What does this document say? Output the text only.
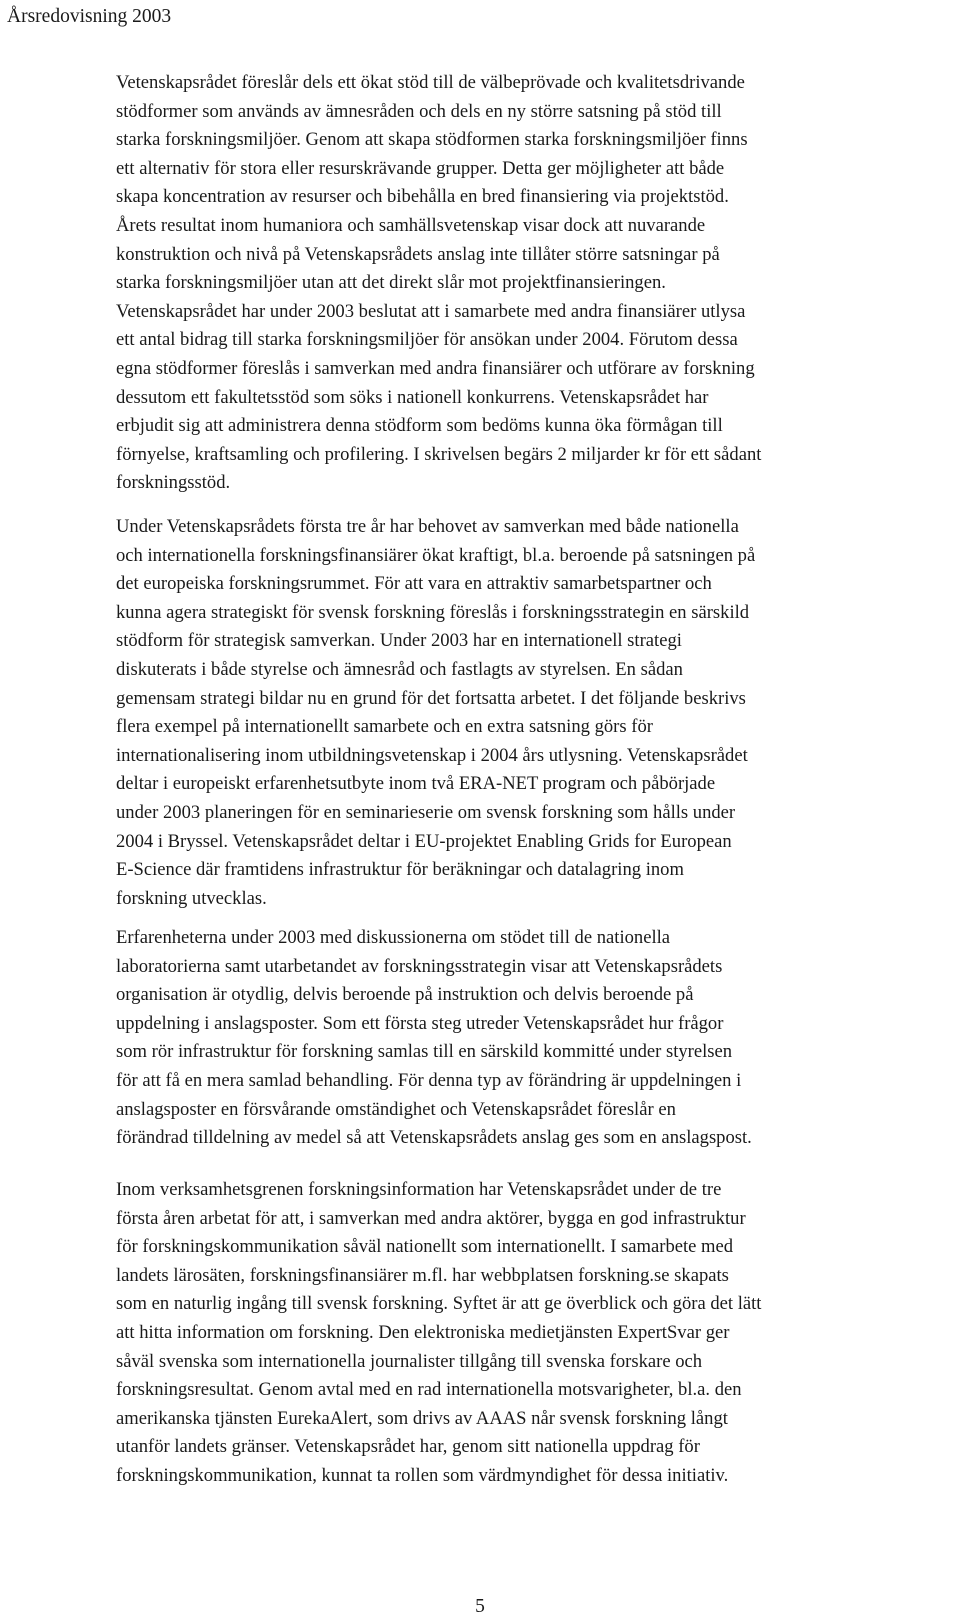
Årsredovisning 2003
Vetenskapsrådet föreslår dels ett ökat stöd till de välbeprövade och kvalitetsdrivande
stödformer som används av ämnesråden och dels en ny större satsning på stöd till
starka forskningsmiljöer. Genom att skapa stödformen starka forskningsmiljöer finns
ett alternativ för stora eller resurskrävande grupper. Detta ger möjligheter att både
skapa koncentration av resurser och bibehålla en bred finansiering via projektstöd.
Årets resultat inom humaniora och samhällsvetenskap visar dock att nuvarande
konstruktion och nivå på Vetenskapsrådets anslag inte tillåter större satsningar på
starka forskningsmiljöer utan att det direkt slår mot projektfinansieringen.
Vetenskapsrådet har under 2003 beslutat att i samarbete med andra finansiärer utlysa
ett antal bidrag till starka forskningsmiljöer för ansökan under 2004. Förutom dessa
egna stödformer föreslås i samverkan med andra finansiärer och utförare av forskning
dessutom ett fakultetsstöd som söks i nationell konkurrens. Vetenskapsrådet har
erbjudit sig att administrera denna stödform som bedöms kunna öka förmågan till
förnyelse, kraftsamling och profilering. I skrivelsen begärs 2 miljarder kr för ett sådant
forskningsstöd.
Under Vetenskapsrådets första tre år har behovet av samverkan med både nationella
och internationella forskningsfinansiärer ökat kraftigt, bl.a. beroende på satsningen på
det europeiska forskningsrummet. För att vara en attraktiv samarbetspartner och
kunna agera strategiskt för svensk forskning föreslås i forskningsstrategin en särskild
stödform för strategisk samverkan. Under 2003 har en internationell strategi
diskuterats i både styrelse och ämnesråd och fastlagts av styrelsen. En sådan
gemensam strategi bildar nu en grund för det fortsatta arbetet. I det följande beskrivs
flera exempel på internationellt samarbete och en extra satsning görs för
internationalisering inom utbildningsvetenskap i 2004 års utlysning. Vetenskapsrådet
deltar i europeiskt erfarenhetsutbyte inom två ERA-NET program och påbörjade
under 2003 planeringen för en seminarieserie om svensk forskning som hålls under
2004 i Bryssel. Vetenskapsrådet deltar i EU-projektet Enabling Grids for European
E-Science där framtidens infrastruktur för beräkningar och datalagring inom
forskning utvecklas.
Erfarenheterna under 2003 med diskussionerna om stödet till de nationella
laboratorierna samt utarbetandet av forskningsstrategin visar att Vetenskapsrådets
organisation är otydlig, delvis beroende på instruktion och delvis beroende på
uppdelning i anslagsposter. Som ett första steg utreder Vetenskapsrådet hur frågor
som rör infrastruktur för forskning samlas till en särskild kommitté under styrelsen
för att få en mera samlad behandling. För denna typ av förändring är uppdelningen i
anslagsposter en försvårande omständighet och Vetenskapsrådet föreslår en
förändrad tilldelning av medel så att Vetenskapsrådets anslag ges som en anslagspost.
Inom verksamhetsgrenen forskningsinformation har Vetenskapsrådet under de tre
första åren arbetat för att, i samverkan med andra aktörer, bygga en god infrastruktur
för forskningskommunikation såväl nationellt som internationellt. I samarbete med
landets lärosäten, forskningsfinansiärer m.fl. har webbplatsen forskning.se skapats
som en naturlig ingång till svensk forskning. Syftet är att ge överblick och göra det lätt
att hitta information om forskning. Den elektroniska medietjänsten ExpertSvar ger
såväl svenska som internationella journalister tillgång till svenska forskare och
forskningsresultat. Genom avtal med en rad internationella motsvarigheter, bl.a. den
amerikanska tjänsten EurekaAlert, som drivs av AAAS når svensk forskning långt
utanför landets gränser. Vetenskapsrådet har, genom sitt nationella uppdrag för
forskningskommunikation, kunnat ta rollen som värdmyndighet för dessa initiativ.
5
